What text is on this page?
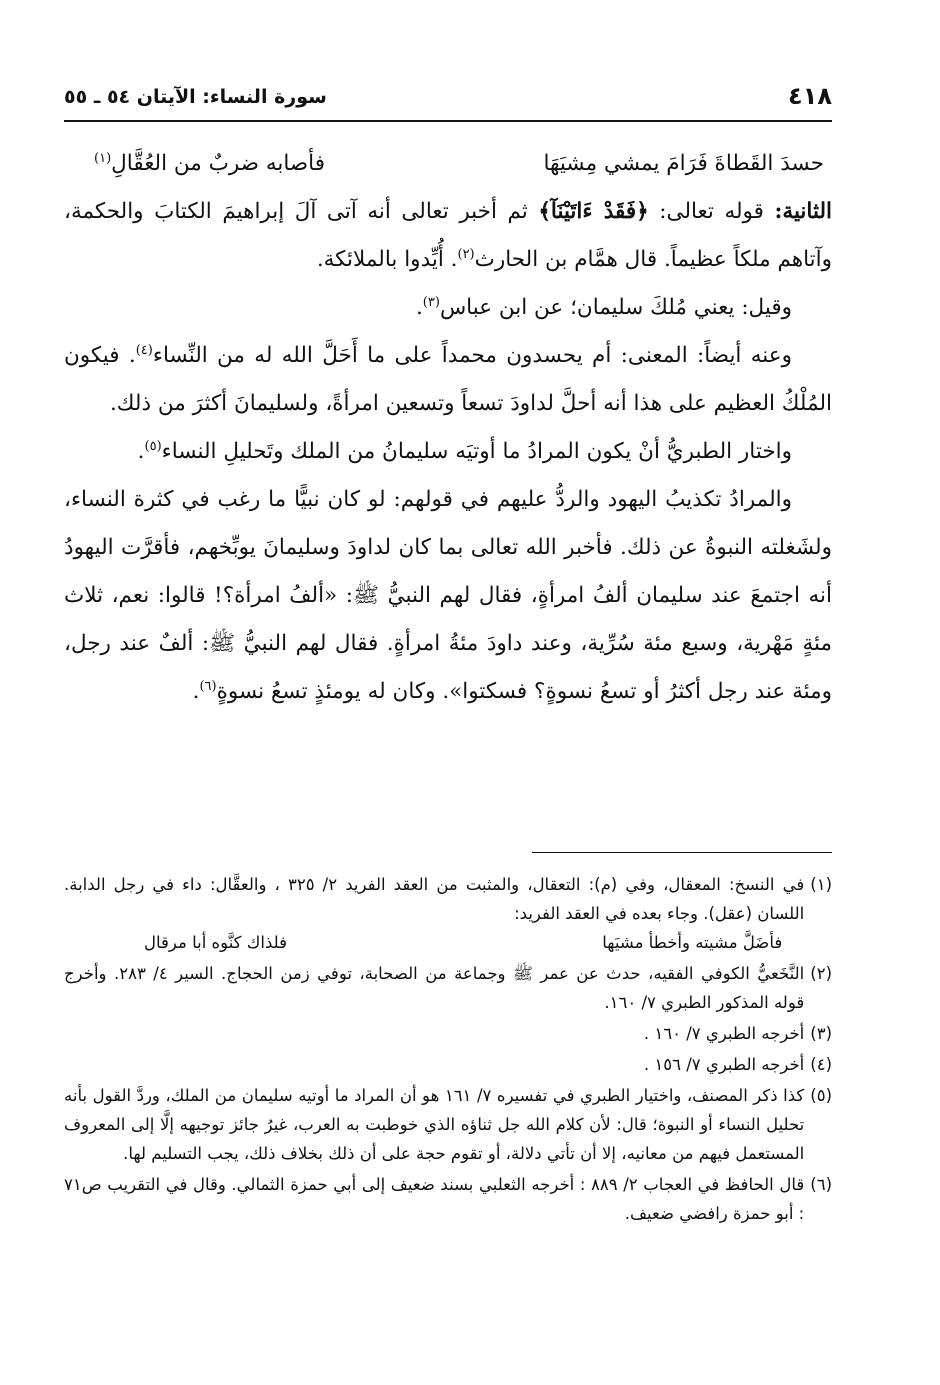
٤١٨
سورة النساء: الآيتان ٥٤ ـ ٥٥

حسدَ القَطاةَ فَرَامَ يمشي مِشيَهَا
فأصابه ضربٌ من العُقَّالِ$^{(١)}$

الثانية: قوله تعالى: ﴿فَقَدْ ءَاتَيْنَآ﴾ ثم أخبر تعالى أنه آتى آلَ إبراهيمَ الكتابَ والحكمة، وآتاهم ملكاً عظيماً. قال همَّام بن الحارث$^{(٢)}$. أُيِّدوا بالملائكة.

وقيل: يعني مُلكَ سليمان؛ عن ابن عباس$^{(٣)}$.

وعنه أيضاً: المعنى: أم يحسدون محمداً على ما أَحَلَّ الله له من النِّساء$^{(٤)}$. فيكون المُلْكُ العظيم على هذا أنه أحلَّ لداودَ تسعاً وتسعين امرأةً، ولسليمانَ أكثرَ من ذلك.

واختار الطبريُّ أنْ يكون المرادُ ما أوتيَه سليمانُ من الملك وتَحليلِ النساء$^{(٥)}$.

والمرادُ تكذيبُ اليهود والردُّ عليهم في قولهم: لو كان نبيًّا ما رغب في كثرة النساء، ولشَغلته النبوةُ عن ذلك. فأخبر الله تعالى بما كان لداودَ وسليمانَ يوبِّخهم، فأقرَّت اليهودُ أنه اجتمعَ عند سليمان ألفُ امرأةٍ، فقال لهم النبيُّ ﷺ: «ألفُ امرأة؟! قالوا: نعم، ثلاث مئةٍ مَهْرية، وسبع مئة سُرِّية، وعند داودَ مئةُ امرأةٍ. فقال لهم النبيُّ ﷺ: ألفٌ عند رجل، ومئة عند رجل أكثرُ أو تسعُ نسوةٍ؟ فسكتوا». وكان له يومئذٍ تسعُ نسوةٍ$^{(٦)}$.

(١)
في النسخ: المعقال، وفي (م): التعقال، والمثبت من العقد الفريد ٢/ ٣٢٥ ، والعقَّال: داء في رجل الدابة. اللسان (عقل). وجاء بعده في العقد الفريد:
فأضَلَّ مشيته وأخطأ مشيَها
فلذاك كنَّوه أبا مرقال
(٢)
النَّخَعيُّ الكوفي الفقيه، حدث عن عمر ﷺ وجماعة من الصحابة، توفي زمن الحجاج. السير ٤/ ٢٨٣. وأخرج قوله المذكور الطبري ٧/ ١٦٠.
(٣)
أخرجه الطبري ٧/ ١٦٠ .
(٤)
أخرجه الطبري ٧/ ١٥٦ .
(٥)
كذا ذكر المصنف، واختيار الطبري في تفسيره ٧/ ١٦١ هو أن المراد ما أوتيه سليمان من الملك، وردَّ القول بأنه تحليل النساء أو النبوة؛ قال: لأن كلام الله جل ثناؤه الذي خوطبت به العرب، غيرُ جائز توجيهه إلَّا إلى المعروف المستعمل فيهم من معانيه، إلا أن تأتي دلالة، أو تقوم حجة على أن ذلك بخلاف ذلك، يجب التسليم لها.
(٦)
قال الحافظ في العجاب ٢/ ٨٨٩ : أخرجه الثعلبي بسند ضعيف إلى أبي حمزة الثمالي. وقال في التقريب ص٧١ : أبو حمزة رافضي ضعيف.
